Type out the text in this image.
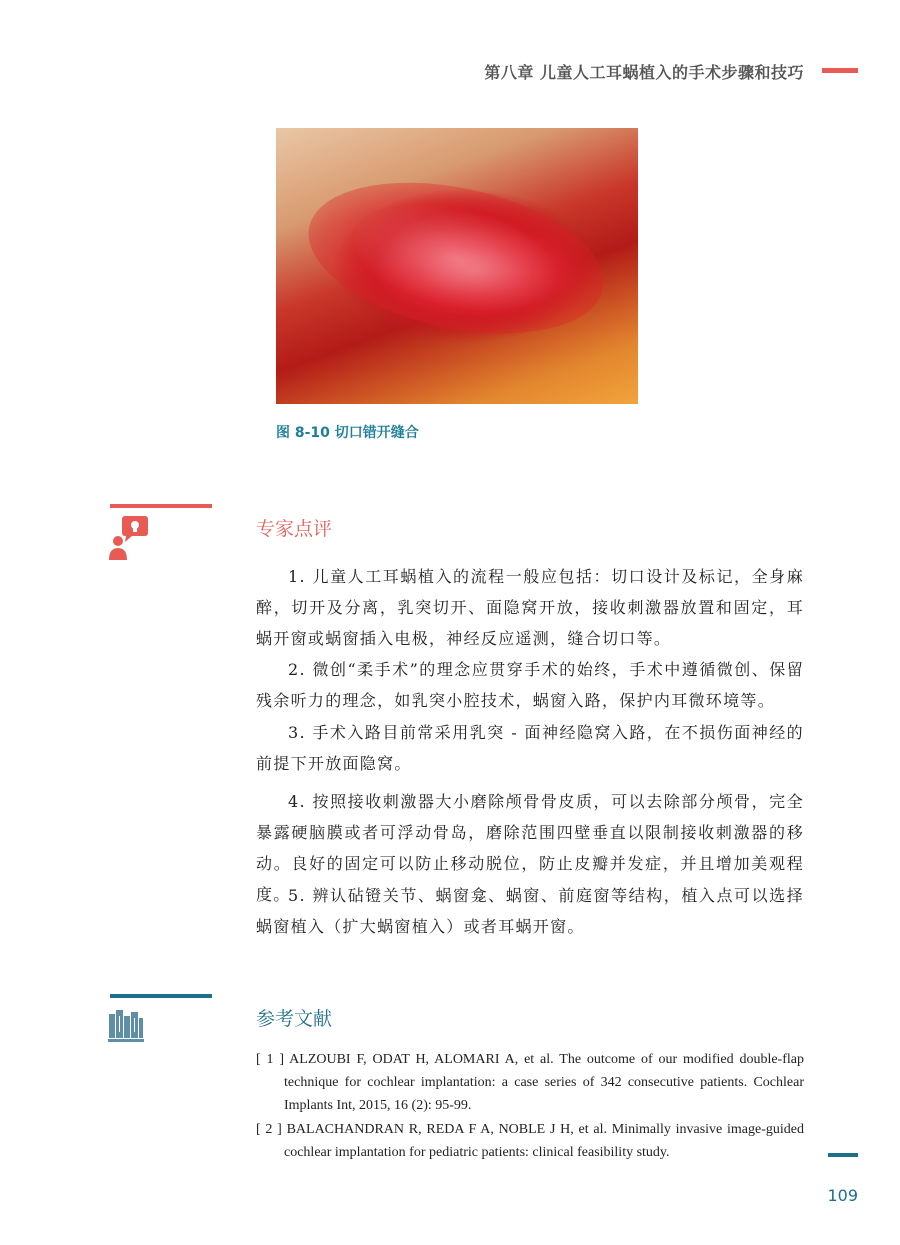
第八章 儿童人工耳蜗植入的手术步骤和技巧
图 8-10 切口错开缝合
专家点评

1. 儿童人工耳蜗植入的流程一般应包括：切口设计及标记，全身麻醉，切开及分离，乳突切开、面隐窝开放，接收刺激器放置和固定，耳蜗开窗或蜗窗插入电极，神经反应遥测，缝合切口等。

2. 微创“柔手术”的理念应贯穿手术的始终，手术中遵循微创、保留残余听力的理念，如乳突小腔技术，蜗窗入路，保护内耳微环境等。

3. 手术入路目前常采用乳突 - 面神经隐窝入路，在不损伤面神经的前提下开放面隐窝。

4. 按照接收刺激器大小磨除颅骨骨皮质，可以去除部分颅骨，完全暴露硬脑膜或者可浮动骨岛，磨除范围四壁垂直以限制接收刺激器的移动。良好的固定可以防止移动脱位，防止皮瓣并发症，并且增加美观程度。

5. 辨认砧镫关节、蜗窗龛、蜗窗、前庭窗等结构，植入点可以选择蜗窗植入（扩大蜗窗植入）或者耳蜗开窗。

参考文献
[ 1 ] ALZOUBI F, ODAT H, ALOMARI A, et al. The outcome of our modified double-flap technique for cochlear implantation: a case series of 342 consecutive patients. Cochlear Implants Int, 2015, 16 (2): 95-99.
[ 2 ] BALACHANDRAN R, REDA F A, NOBLE J H, et al. Minimally invasive image-guided cochlear implantation for pediatric patients: clinical feasibility study.
109
